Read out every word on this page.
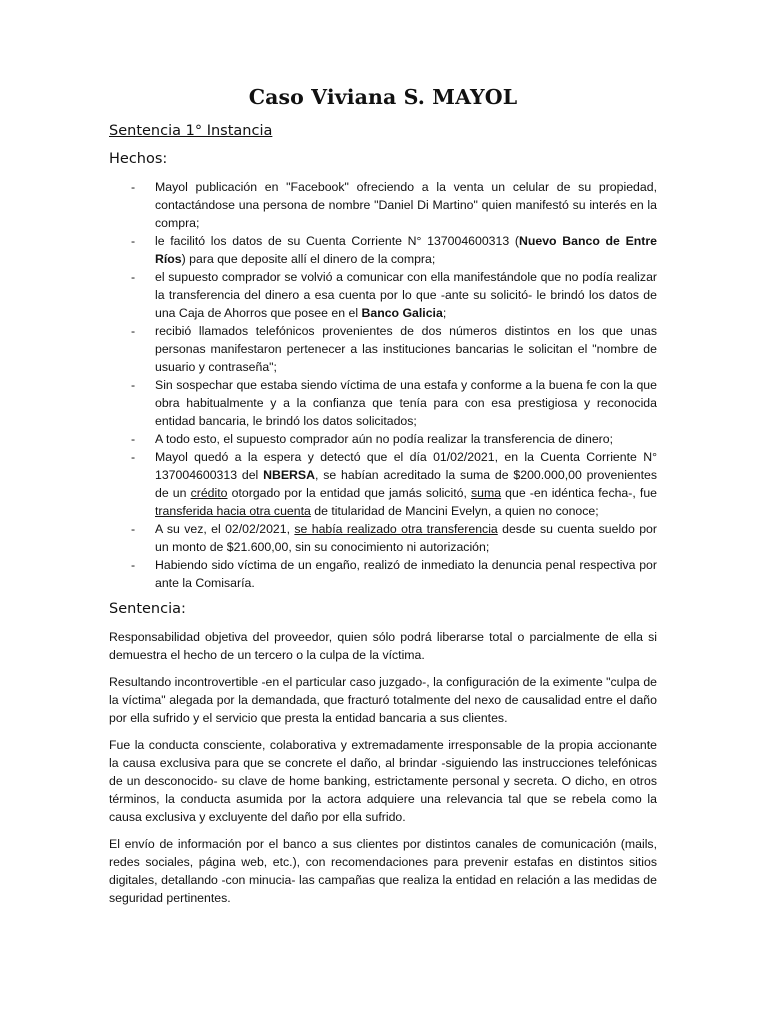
Caso Viviana S. MAYOL
Sentencia 1° Instancia
Hechos:
- Mayol publicación en "Facebook" ofreciendo a la venta un celular de su propiedad, contactándose una persona de nombre "Daniel Di Martino" quien manifestó su interés en la compra;
- le facilitó los datos de su Cuenta Corriente N° 137004600313 (Nuevo Banco de Entre Ríos) para que deposite allí el dinero de la compra;
- el supuesto comprador se volvió a comunicar con ella manifestándole que no podía realizar la transferencia del dinero a esa cuenta por lo que -ante su solicitó- le brindó los datos de una Caja de Ahorros que posee en el Banco Galicia;
- recibió llamados telefónicos provenientes de dos números distintos en los que unas personas manifestaron pertenecer a las instituciones bancarias le solicitan el "nombre de usuario y contraseña";
- Sin sospechar que estaba siendo víctima de una estafa y conforme a la buena fe con la que obra habitualmente y a la confianza que tenía para con esa prestigiosa y reconocida entidad bancaria, le brindó los datos solicitados;
- A todo esto, el supuesto comprador aún no podía realizar la transferencia de dinero;
- Mayol quedó a la espera y detectó que el día 01/02/2021, en la Cuenta Corriente N° 137004600313 del NBERSA, se habían acreditado la suma de $200.000,00 provenientes de un crédito otorgado por la entidad que jamás solicitó, suma que -en idéntica fecha-, fue transferida hacia otra cuenta de titularidad de Mancini Evelyn, a quien no conoce;
- A su vez, el 02/02/2021, se había realizado otra transferencia desde su cuenta sueldo por un monto de $21.600,00, sin su conocimiento ni autorización;
- Habiendo sido víctima de un engaño, realizó de inmediato la denuncia penal respectiva por ante la Comisaría.
Sentencia:

Responsabilidad objetiva del proveedor, quien sólo podrá liberarse total o parcialmente de ella si demuestra el hecho de un tercero o la culpa de la víctima.

Resultando incontrovertible -en el particular caso juzgado-, la configuración de la eximente "culpa de la víctima" alegada por la demandada, que fracturó totalmente del nexo de causalidad entre el daño por ella sufrido y el servicio que presta la entidad bancaria a sus clientes.

Fue la conducta consciente, colaborativa y extremadamente irresponsable de la propia accionante la causa exclusiva para que se concrete el daño, al brindar -siguiendo las instrucciones telefónicas de un desconocido- su clave de home banking, estrictamente personal y secreta. O dicho, en otros términos, la conducta asumida por la actora adquiere una relevancia tal que se rebela como la causa exclusiva y excluyente del daño por ella sufrido.

El envío de información por el banco a sus clientes por distintos canales de comunicación (mails, redes sociales, página web, etc.), con recomendaciones para prevenir estafas en distintos sitios digitales, detallando -con minucia- las campañas que realiza la entidad en relación a las medidas de seguridad pertinentes.
